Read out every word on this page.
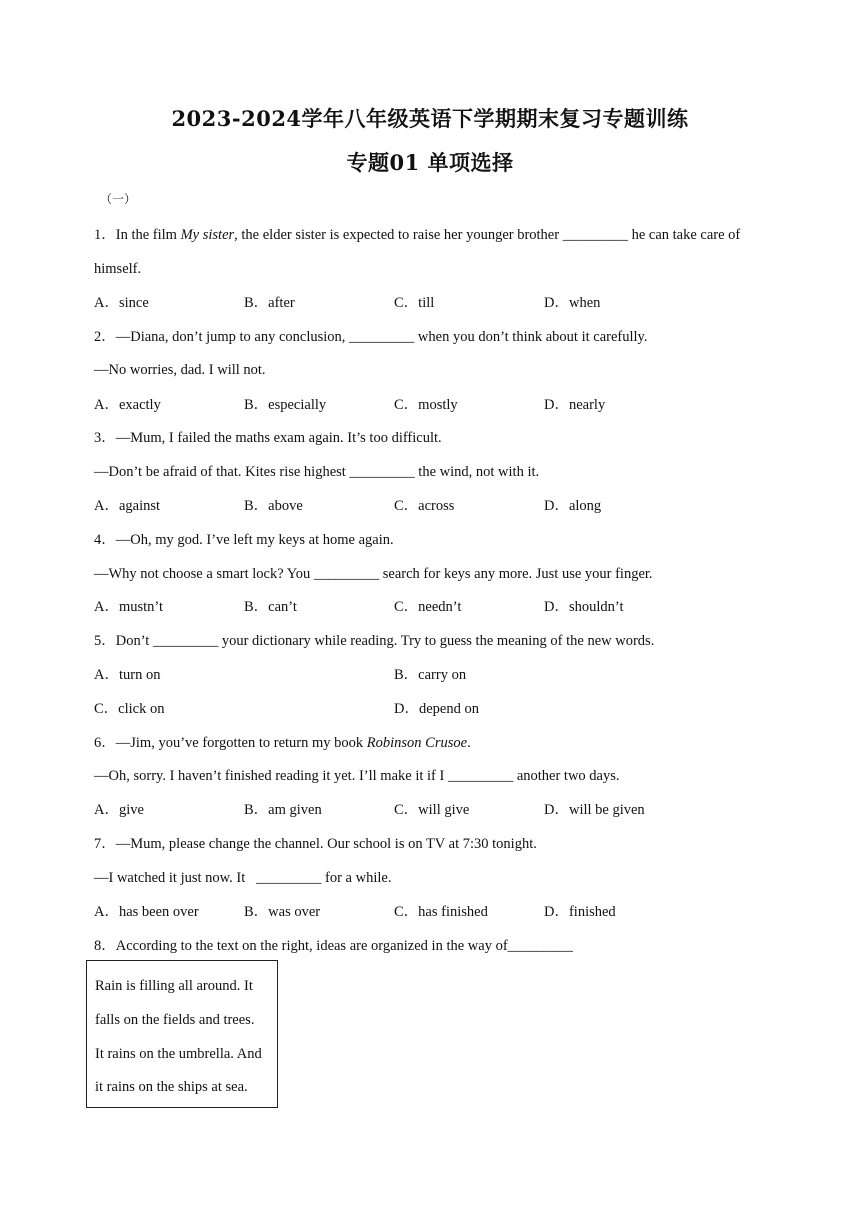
2023-2024学年八年级英语下学期期末复习专题训练
专题01 单项选择
（一）
1．In the film My sister, the elder sister is expected to raise her younger brother _________ he can take care of
himself.
A．since	B．after	C．till	D．when
2．—Diana, don’t jump to any conclusion, _________ when you don’t think about it carefully.
—No worries, dad. I will not.
A．exactly	B．especially	C．mostly	D．nearly
3．—Mum, I failed the maths exam again. It’s too difficult.
—Don’t be afraid of that. Kites rise highest _________ the wind, not with it.
A．against	B．above	C．across	D．along
4．—Oh, my god. I’ve left my keys at home again.
—Why not choose a smart lock? You _________ search for keys any more. Just use your finger.
A．mustn’t	B．can’t	C．needn’t	D．shouldn’t
5．Don’t _________ your dictionary while reading. Try to guess the meaning of the new words.
A．turn on	B．carry on
C．click on	D．depend on
6．—Jim, you’ve forgotten to return my book Robinson Crusoe.
—Oh, sorry. I haven’t finished reading it yet. I’ll make it if I _________ another two days.
A．give	B．am given	C．will give	D．will be given
7．—Mum, please change the channel. Our school is on TV at 7:30 tonight.
—I watched it just now. It   _________ for a while.
A．has been over	B．was over	C．has finished	D．finished
8．According to the text on the right, ideas are organized in the way of_________
Rain is filling all around. It
falls on the fields and trees.
It rains on the umbrella. And
it rains on the ships at sea.
